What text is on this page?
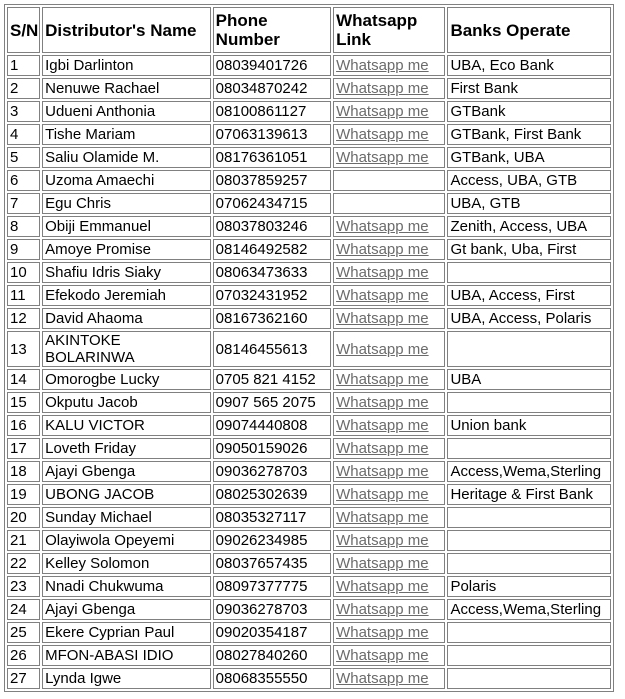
S/N	Distributor's Name	Phone Number	Whatsapp Link	Banks Operate
1	Igbi Darlinton	08039401726	Whatsapp me	UBA, Eco Bank
2	Nenuwe Rachael	08034870242	Whatsapp me	First Bank
3	Udueni Anthonia	08100861127	Whatsapp me	GTBank
4	Tishe Mariam	07063139613	Whatsapp me	GTBank, First Bank
5	Saliu Olamide M.	08176361051	Whatsapp me	GTBank, UBA
6	Uzoma Amaechi	08037859257		Access, UBA, GTB
7	Egu Chris	07062434715		UBA, GTB
8	Obiji Emmanuel	08037803246	Whatsapp me	Zenith, Access, UBA
9	Amoye Promise	08146492582	Whatsapp me	Gt bank, Uba, First
10	Shafiu Idris Siaky	08063473633	Whatsapp me	
11	Efekodo Jeremiah	07032431952	Whatsapp me	UBA, Access, First
12	David Ahaoma	08167362160	Whatsapp me	UBA, Access, Polaris
13	AKINTOKE BOLARINWA	08146455613	Whatsapp me	
14	Omorogbe Lucky	0705 821 4152	Whatsapp me	UBA
15	Okputu Jacob	0907 565 2075	Whatsapp me	
16	KALU VICTOR	09074440808	Whatsapp me	Union bank
17	Loveth Friday	09050159026	Whatsapp me	
18	Ajayi Gbenga	09036278703	Whatsapp me	Access,Wema,Sterling
19	UBONG JACOB	08025302639	Whatsapp me	Heritage & First Bank
20	Sunday Michael	08035327117	Whatsapp me	
21	Olayiwola Opeyemi	09026234985	Whatsapp me	
22	Kelley Solomon	08037657435	Whatsapp me	
23	Nnadi Chukwuma	08097377775	Whatsapp me	Polaris
24	Ajayi Gbenga	09036278703	Whatsapp me	Access,Wema,Sterling
25	Ekere Cyprian Paul	09020354187	Whatsapp me	
26	MFON-ABASI IDIO	08027840260	Whatsapp me	
27	Lynda Igwe	08068355550	Whatsapp me	
